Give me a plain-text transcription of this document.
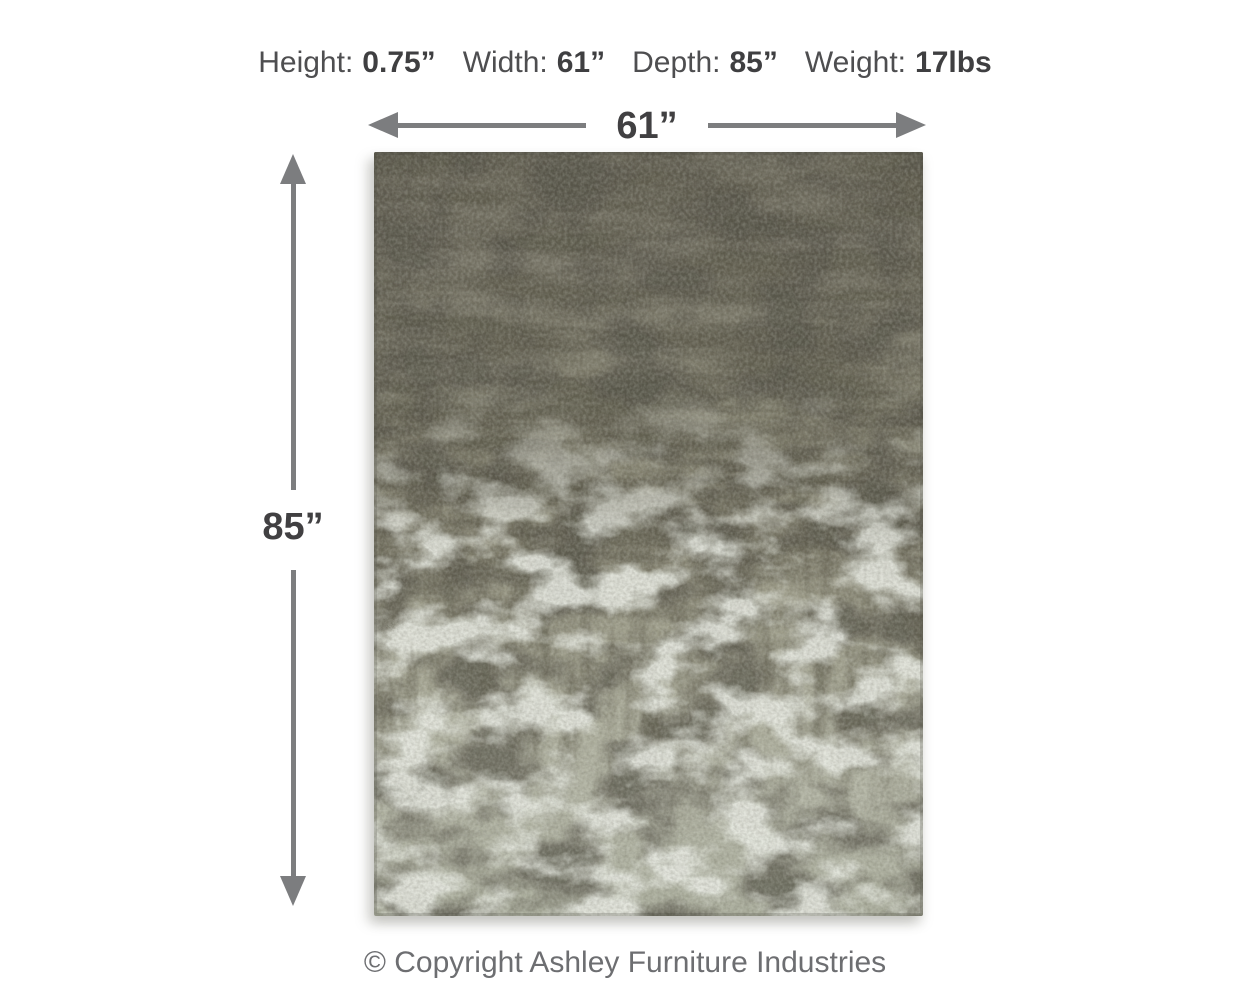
Height: 0.75” Width: 61” Depth: 85” Weight: 17lbs
61”
85”
© Copyright Ashley Furniture Industries
